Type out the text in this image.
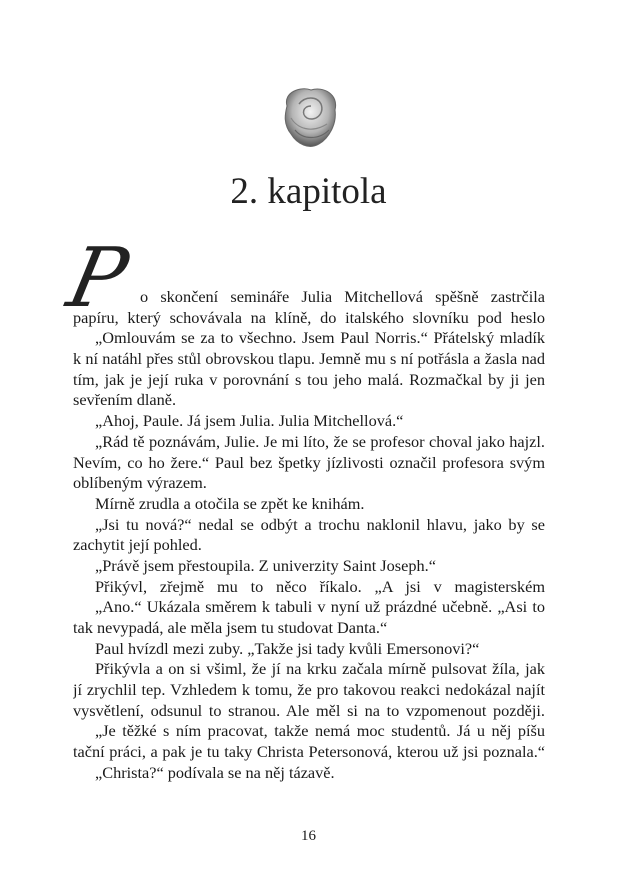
2. kapitola
P o skončení semináře Julia Mitchellová spěšně zastrčila
papíru, který schovávala na klíně, do italského slovníku pod heslo
„Omlouvám se za to všechno. Jsem Paul Norris.“ Přátelský mladík
k ní natáhl přes stůl obrovskou tlapu. Jemně mu s ní potřásla a žasla nad
tím, jak je její ruka v porovnání s tou jeho malá. Rozmačkal by ji jen
sevřením dlaně.
„Ahoj, Paule. Já jsem Julia. Julia Mitchellová.“
„Rád tě poznávám, Julie. Je mi líto, že se profesor choval jako hajzl.
Nevím, co ho žere.“ Paul bez špetky jízlivosti označil profesora svým
oblíbeným výrazem.
Mírně zrudla a otočila se zpět ke knihám.
„Jsi tu nová?“ nedal se odbýt a trochu naklonil hlavu, jako by se
zachytit její pohled.
„Právě jsem přestoupila. Z univerzity Saint Joseph.“
Přikývl, zřejmě mu to něco říkalo. „A jsi v magisterském
„Ano.“ Ukázala směrem k tabuli v nyní už prázdné učebně. „Asi to
tak nevypadá, ale měla jsem tu studovat Danta.“
Paul hvízdl mezi zuby. „Takže jsi tady kvůli Emersonovi?“
Přikývla a on si všiml, že jí na krku začala mírně pulsovat žíla, jak
jí zrychlil tep. Vzhledem k tomu, že pro takovou reakci nedokázal najít
vysvětlení, odsunul to stranou. Ale měl si na to vzpomenout později.
„Je těžké s ním pracovat, takže nemá moc studentů. Já u něj píšu
tační práci, a pak je tu taky Christa Petersonová, kterou už jsi poznala.“
„Christa?“ podívala se na něj tázavě.
16
